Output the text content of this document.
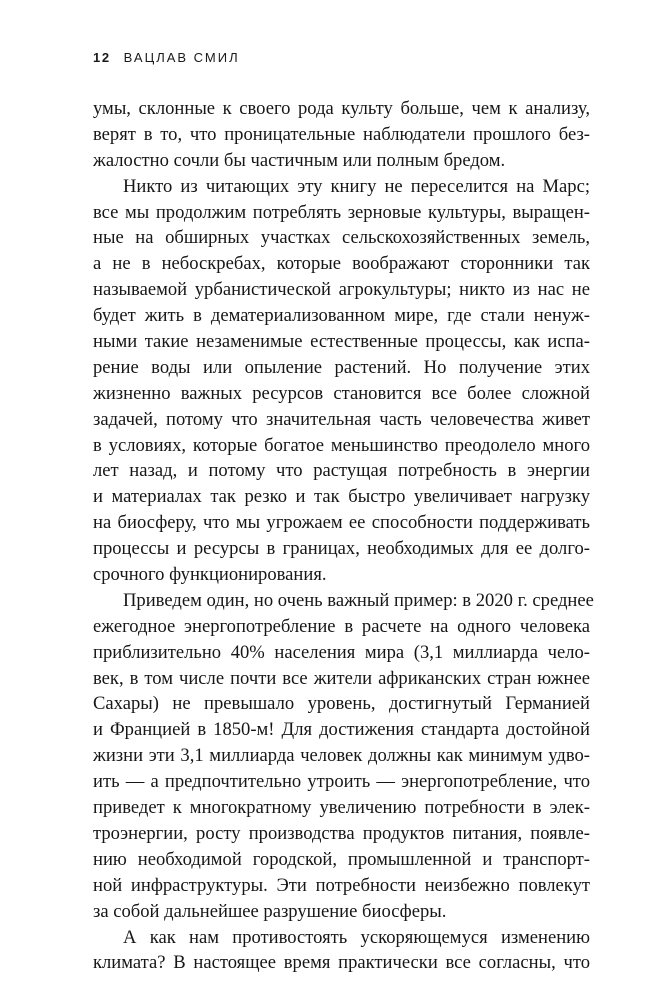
12 ВАЦЛАВ СМИЛ
умы, склонные к своего рода культу больше, чем к анализу,
верят в то, что проницательные наблюдатели прошлого без-
жалостно сочли бы частичным или полным бредом.
Никто из читающих эту книгу не переселится на Марс;
все мы продолжим потреблять зерновые культуры, выращен-
ные на обширных участках сельскохозяйственных земель,
а не в небоскребах, которые воображают сторонники так
называемой урбанистической агрокультуры; никто из нас не
будет жить в дематериализованном мире, где стали ненуж-
ными такие незаменимые естественные процессы, как испа-
рение воды или опыление растений. Но получение этих
жизненно важных ресурсов становится все более сложной
задачей, потому что значительная часть человечества живет
в условиях, которые богатое меньшинство преодолело много
лет назад, и потому что растущая потребность в энергии
и материалах так резко и так быстро увеличивает нагрузку
на биосферу, что мы угрожаем ее способности поддерживать
процессы и ресурсы в границах, необходимых для ее долго-
срочного функционирования.
Приведем один, но очень важный пример: в 2020 г. среднее
ежегодное энергопотребление в расчете на одного человека
приблизительно 40% населения мира (3,1 миллиарда чело-
век, в том числе почти все жители африканских стран южнее
Сахары) не превышало уровень, достигнутый Германией
и Францией в 1850-м! Для достижения стандарта достойной
жизни эти 3,1 миллиарда человек должны как минимум удво-
ить — а предпочтительно утроить — энергопотребление, что
приведет к многократному увеличению потребности в элек-
троэнергии, росту производства продуктов питания, появле-
нию необходимой городской, промышленной и транспорт-
ной инфраструктуры. Эти потребности неизбежно повлекут
за собой дальнейшее разрушение биосферы.
А как нам противостоять ускоряющемуся изменению
климата? В настоящее время практически все согласны, что
